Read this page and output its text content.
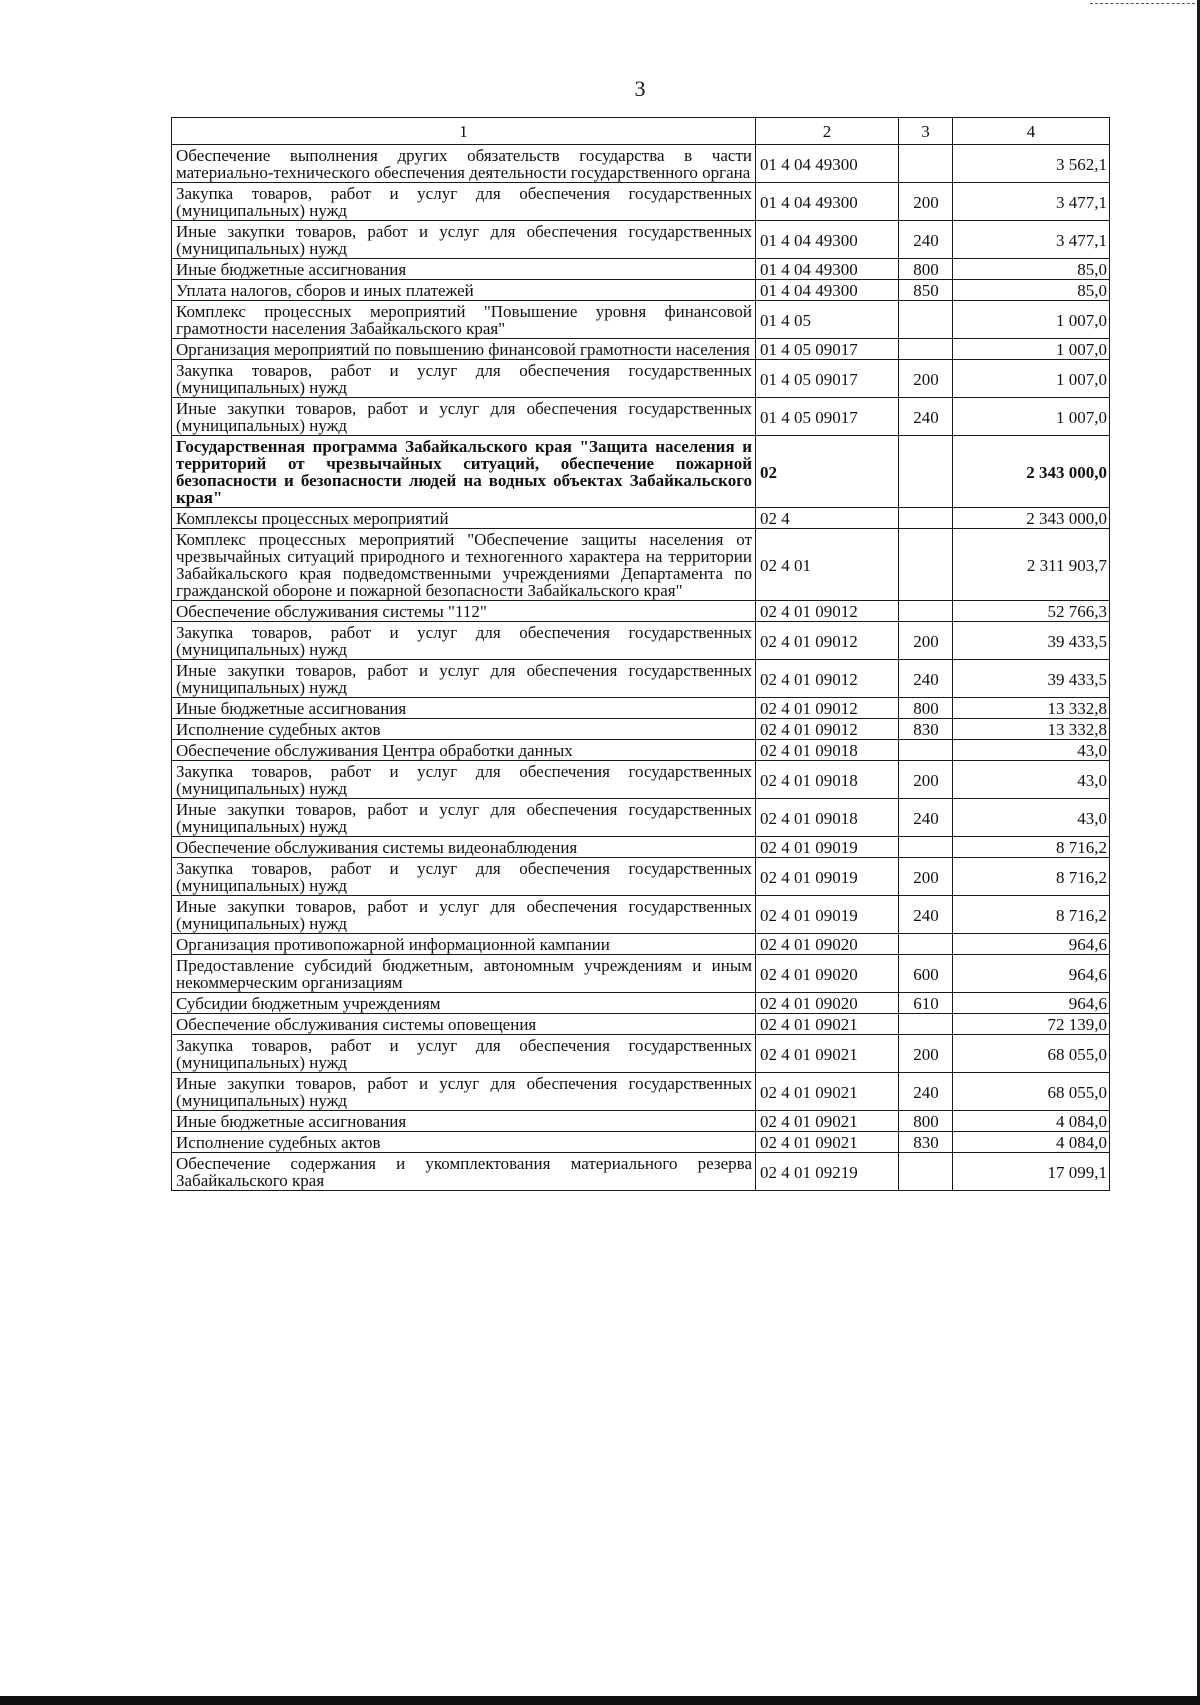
3
1	2	3	4
Обеспечение выполнения других обязательств государства в части материально-технического обеспечения деятельности государственного органа	01 4 04 49300		3 562,1
Закупка товаров, работ и услуг для обеспечения государственных (муниципальных) нужд	01 4 04 49300	200	3 477,1
Иные закупки товаров, работ и услуг для обеспечения государственных (муниципальных) нужд	01 4 04 49300	240	3 477,1
Иные бюджетные ассигнования	01 4 04 49300	800	85,0
Уплата налогов, сборов и иных платежей	01 4 04 49300	850	85,0
Комплекс процессных мероприятий "Повышение уровня финансовой грамотности населения Забайкальского края"	01 4 05		1 007,0
Организация мероприятий по повышению финансовой грамотности населения	01 4 05 09017		1 007,0
Закупка товаров, работ и услуг для обеспечения государственных (муниципальных) нужд	01 4 05 09017	200	1 007,0
Иные закупки товаров, работ и услуг для обеспечения государственных (муниципальных) нужд	01 4 05 09017	240	1 007,0
Государственная программа Забайкальского края "Защита населения и территорий от чрезвычайных ситуаций, обеспечение пожарной безопасности и безопасности людей на водных объектах Забайкальского края"	02		2 343 000,0
Комплексы процессных мероприятий	02 4		2 343 000,0
Комплекс процессных мероприятий "Обеспечение защиты населения от чрезвычайных ситуаций природного и техногенного характера на территории Забайкальского края подведомственными учреждениями Департамента по гражданской обороне и пожарной безопасности Забайкальского края"	02 4 01		2 311 903,7
Обеспечение обслуживания системы "112"	02 4 01 09012		52 766,3
Закупка товаров, работ и услуг для обеспечения государственных (муниципальных) нужд	02 4 01 09012	200	39 433,5
Иные закупки товаров, работ и услуг для обеспечения государственных (муниципальных) нужд	02 4 01 09012	240	39 433,5
Иные бюджетные ассигнования	02 4 01 09012	800	13 332,8
Исполнение судебных актов	02 4 01 09012	830	13 332,8
Обеспечение обслуживания Центра обработки данных	02 4 01 09018		43,0
Закупка товаров, работ и услуг для обеспечения государственных (муниципальных) нужд	02 4 01 09018	200	43,0
Иные закупки товаров, работ и услуг для обеспечения государственных (муниципальных) нужд	02 4 01 09018	240	43,0
Обеспечение обслуживания системы видеонаблюдения	02 4 01 09019		8 716,2
Закупка товаров, работ и услуг для обеспечения государственных (муниципальных) нужд	02 4 01 09019	200	8 716,2
Иные закупки товаров, работ и услуг для обеспечения государственных (муниципальных) нужд	02 4 01 09019	240	8 716,2
Организация противопожарной информационной кампании	02 4 01 09020		964,6
Предоставление субсидий бюджетным, автономным учреждениям и иным некоммерческим организациям	02 4 01 09020	600	964,6
Субсидии бюджетным учреждениям	02 4 01 09020	610	964,6
Обеспечение обслуживания системы оповещения	02 4 01 09021		72 139,0
Закупка товаров, работ и услуг для обеспечения государственных (муниципальных) нужд	02 4 01 09021	200	68 055,0
Иные закупки товаров, работ и услуг для обеспечения государственных (муниципальных) нужд	02 4 01 09021	240	68 055,0
Иные бюджетные ассигнования	02 4 01 09021	800	4 084,0
Исполнение судебных актов	02 4 01 09021	830	4 084,0
Обеспечение содержания и укомплектования материального резерва Забайкальского края	02 4 01 09219		17 099,1
